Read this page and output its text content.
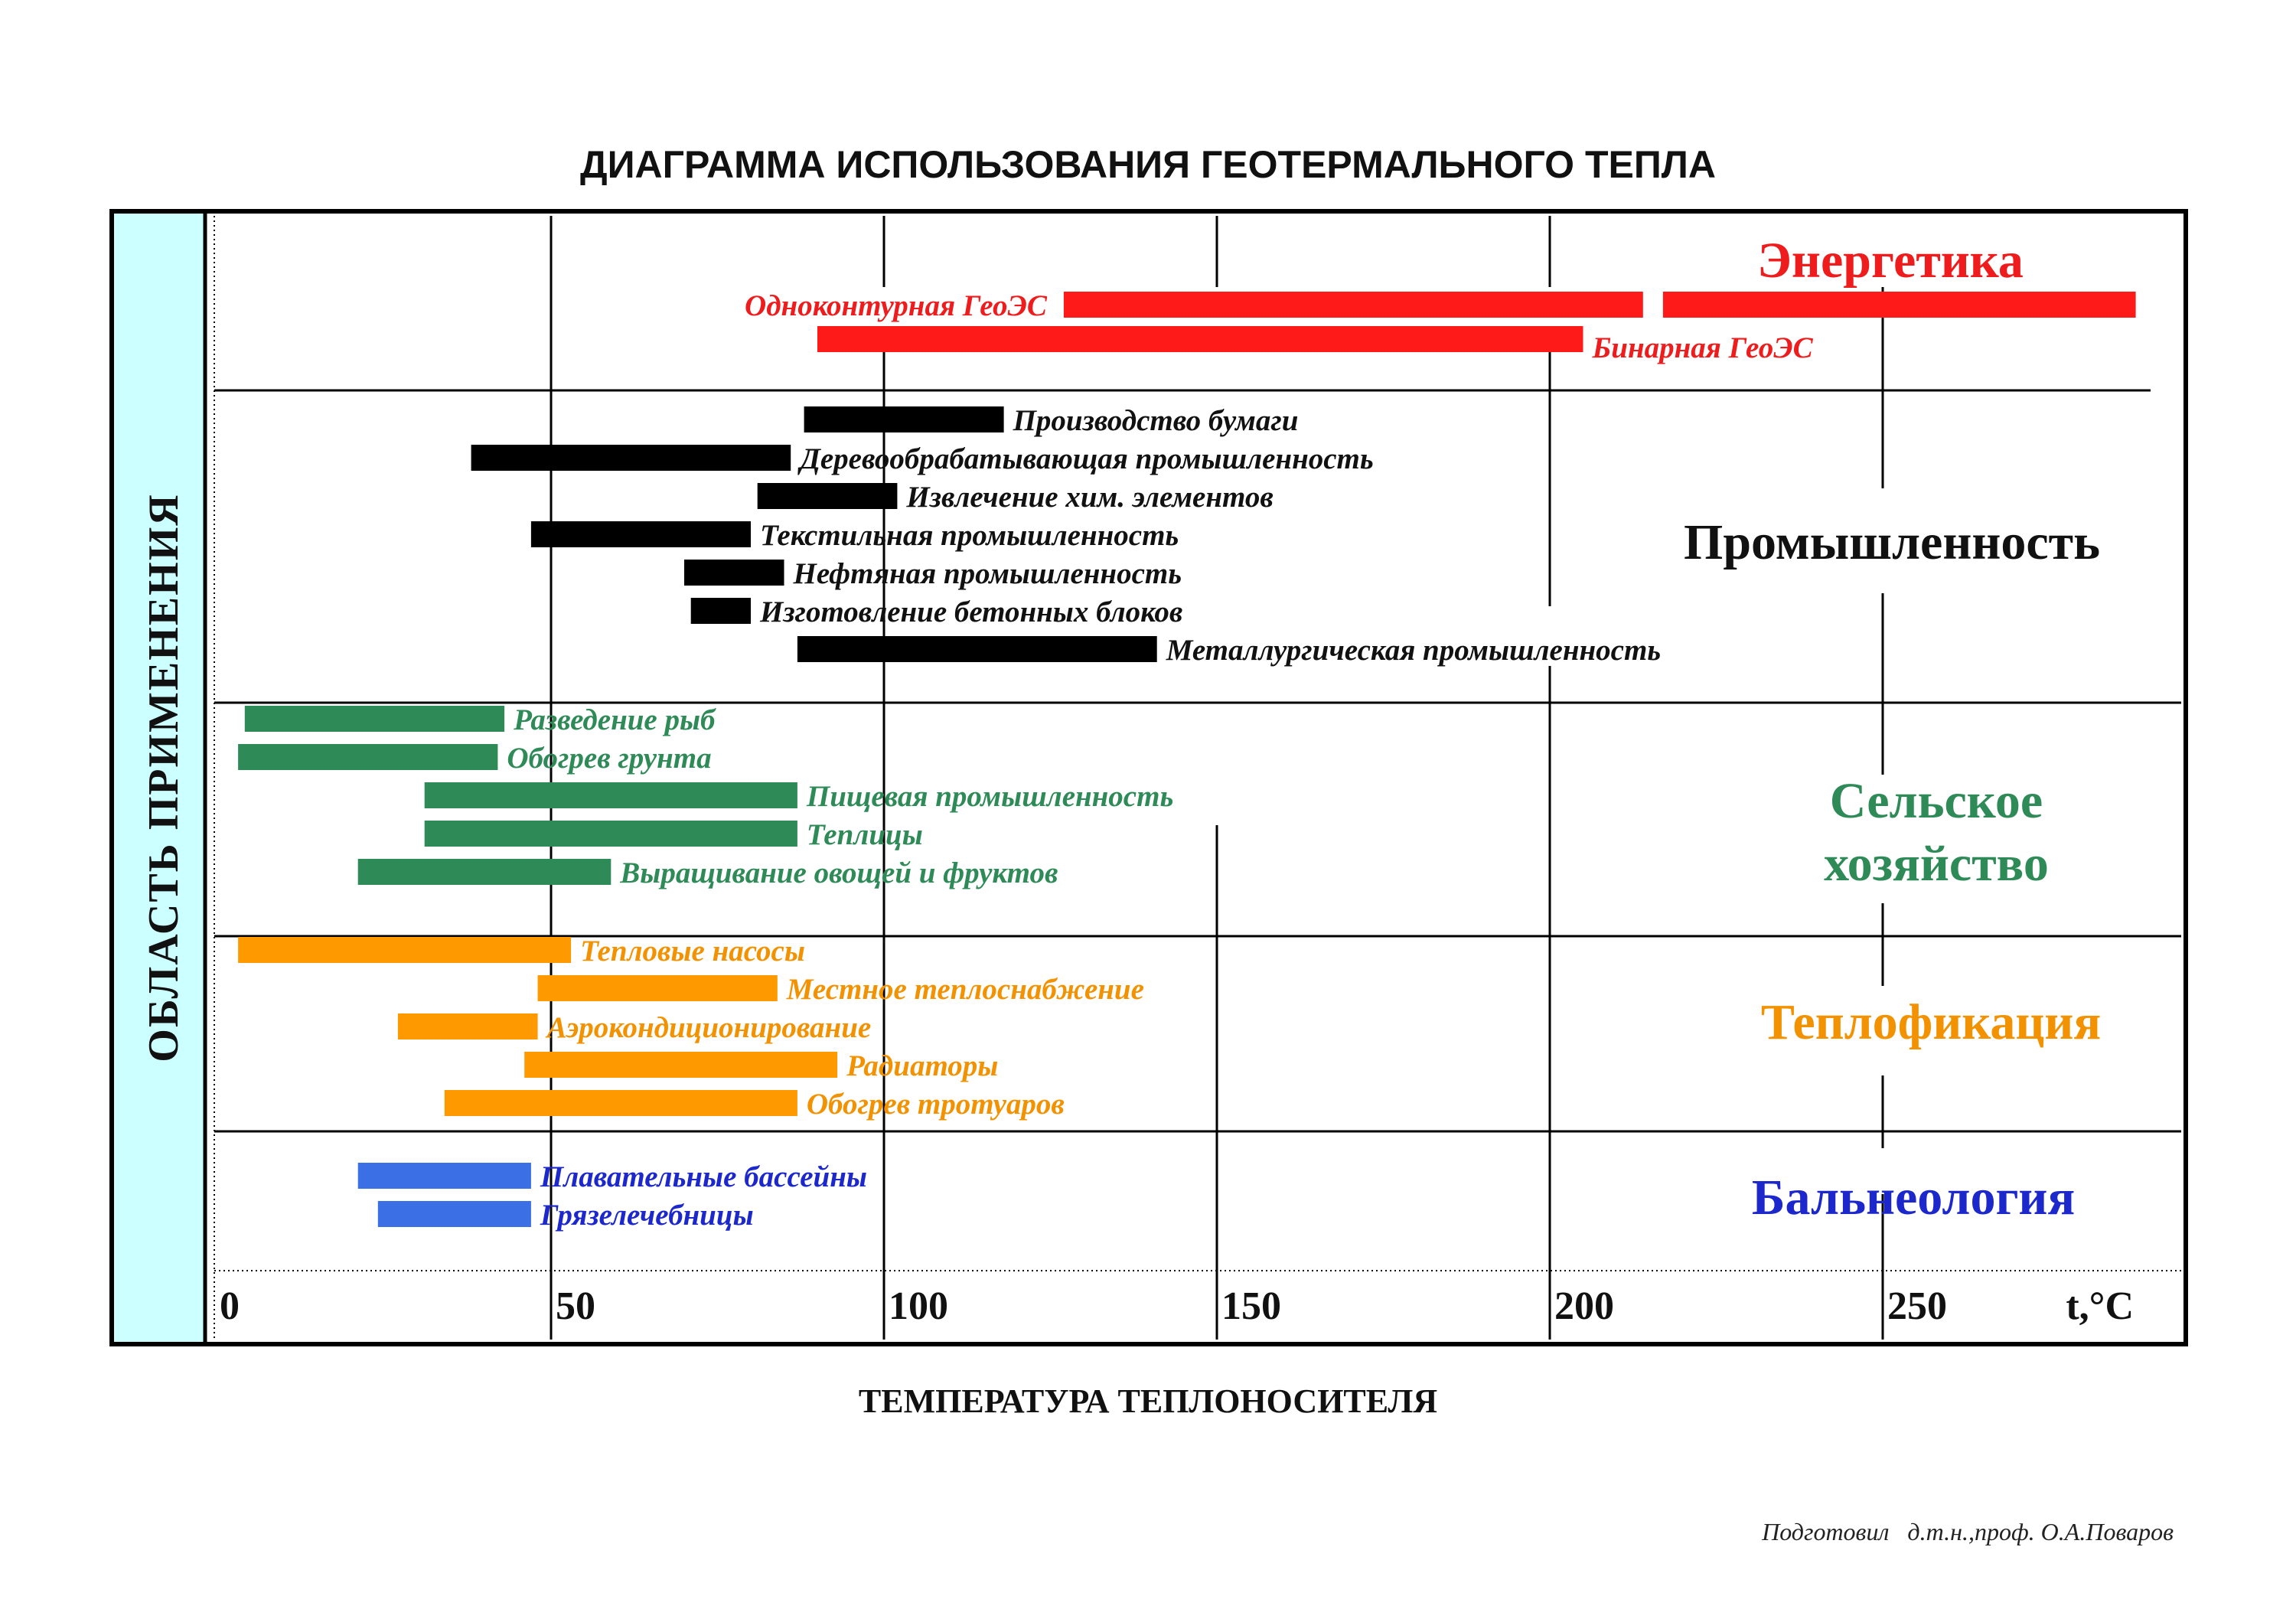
ДИАГРАММА ИСПОЛЬЗОВАНИЯ ГЕОТЕРМАЛЬНОГО ТЕПЛА
ОБЛАСТЬ ПРИМЕНЕНИЯ
Одноконтурная ГеоЭС
Бинарная ГеоЭС
Производство бумаги
Деревообрабатывающая промышленность
Извлечение хим. элементов
Текстильная промышленность
Нефтяная промышленность
Изготовление бетонных блоков
Металлургическая промышленность
Разведение рыб
Обогрев грунта
Пищевая промышленность
Теплицы
Выращивание овощей и фруктов
Тепловые насосы
Местное теплоснабжение
Аэрокондиционирование
Радиаторы
Обогрев тротуаров
Плавательные бассейны
Грязелечебницы
Энергетика
Промышленность
Сельское хозяйство
Теплофикация
Бальнеология
0	50	100	150	200	250	t,°C
ТЕМПЕРАТУРА ТЕПЛОНОСИТЕЛЯ
Подготовил   д.т.н.,проф. О.А.Поваров
